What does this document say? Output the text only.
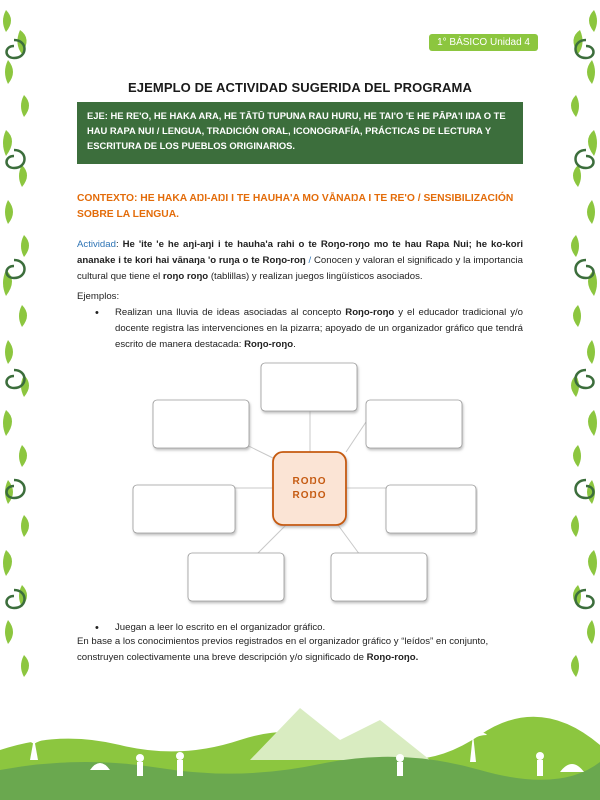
1° BÁSICO Unidad 4
EJEMPLO DE ACTIVIDAD SUGERIDA DEL PROGRAMA
EJE: HE RE'O, HE HAKA ARA, HE TĀTŪ TUPUNA RAU HURU, HE TAI'O 'E HE PĀPA'I IŊA O TE HAU RAPA NUI / LENGUA, TRADICIÓN ORAL, ICONOGRAFÍA, PRÁCTICAS DE LECTURA Y ESCRITURA DE LOS PUEBLOS ORIGINARIOS.
CONTEXTO: HE HAKA AŊI-AŊI I TE HAUHA'A MO VĀNAŊA I TE RE'O / SENSIBILIZACIÓN SOBRE LA LENGUA.
Actividad: He 'ite 'e he aŋi-aŋi i te hauha'a rahi o te Roŋo-roŋo mo te hau Rapa Nui; he ko-kori ananake i te kori hai vānaŋa 'o ruŋa o te Roŋo-roŋ / Conocen y valoran el significado y la importancia cultural que tiene el roŋo roŋo (tablillas) y realizan juegos lingüísticos asociados.
Ejemplos:
• Realizan una lluvia de ideas asociadas al concepto Roŋo-roŋo y el educador tradicional y/o docente registra las intervenciones en la pizarra; apoyado de un organizador gráfico que tendrá escrito de manera destacada: Roŋo-roŋo.
ROŊO
ROŊO
• Juegan a leer lo escrito en el organizador gráfico.
En base a los conocimientos previos registrados en el organizador gráfico y “leídos” en conjunto, construyen colectivamente una breve descripción y/o significado de Roŋo-roŋo.
